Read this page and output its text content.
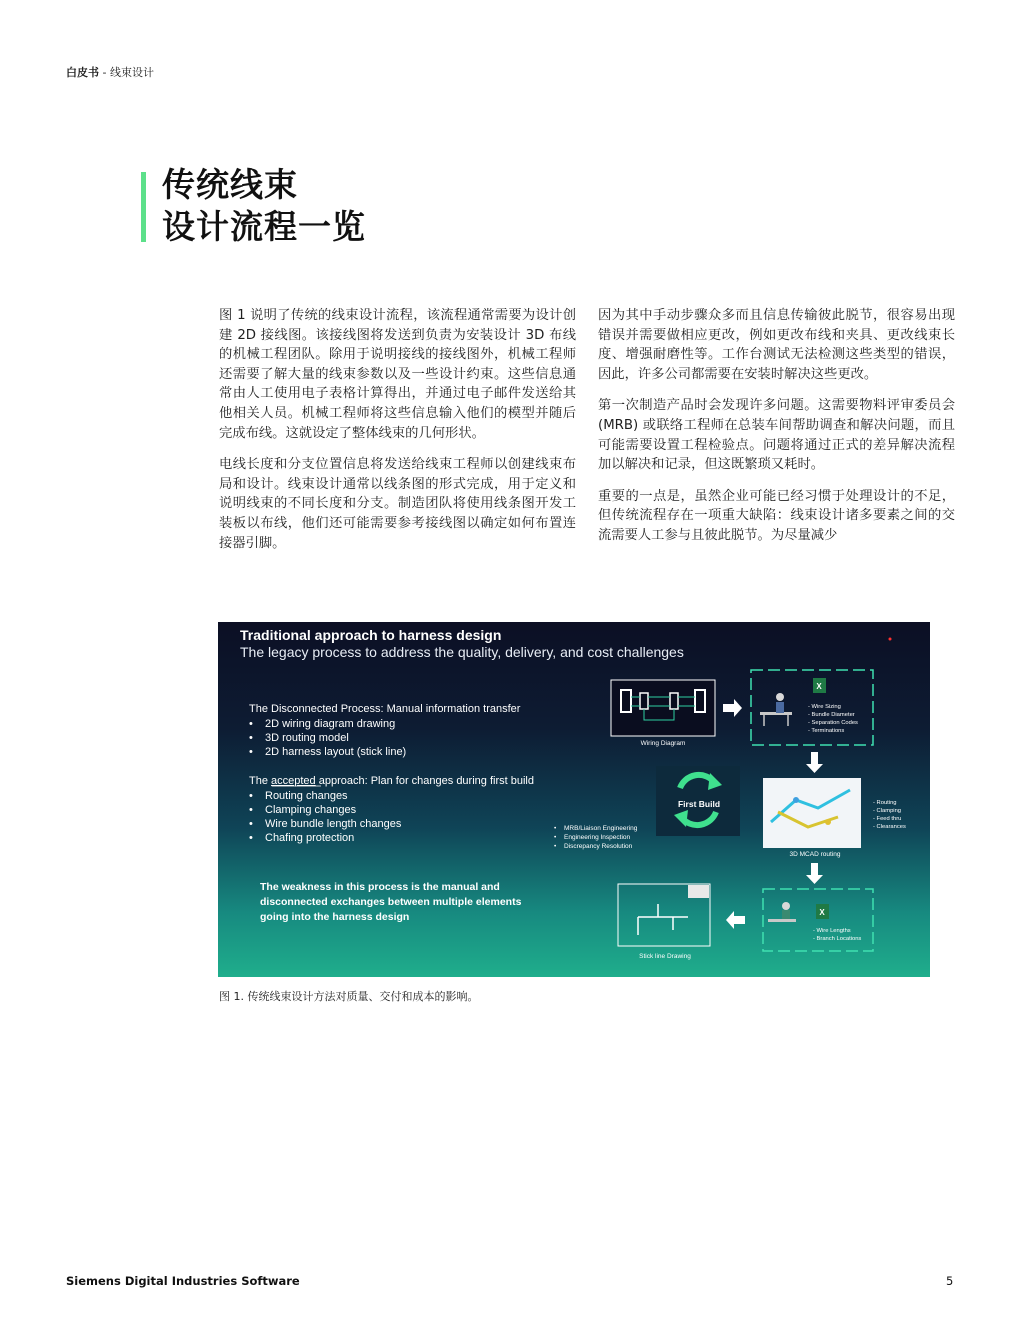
白皮书 - 线束设计
传统线束
设计流程一览

图 1 说明了传统的线束设计流程，该流程通常需要为设计创建 2D 接线图。该接线图将发送到负责为安装设计 3D 布线的机械工程团队。除用于说明接线的接线图外，机械工程师还需要了解大量的线束参数以及一些设计约束。这些信息通常由人工使用电子表格计算得出，并通过电子邮件发送给其他相关人员。机械工程师将这些信息输入他们的模型并随后完成布线。这就设定了整体线束的几何形状。

电线长度和分支位置信息将发送给线束工程师以创建线束布局和设计。线束设计通常以线条图的形式完成，用于定义和说明线束的不同长度和分支。制造团队将使用线条图开发工装板以布线，他们还可能需要参考接线图以确定如何布置连接器引脚。

因为其中手动步骤众多而且信息传输彼此脱节，很容易出现错误并需要做相应更改，例如更改布线和夹具、更改线束长度、增强耐磨性等。工作台测试无法检测这些类型的错误，因此，许多公司都需要在安装时解决这些更改。

第一次制造产品时会发现许多问题。这需要物料评审委员会 (MRB) 或联络工程师在总装车间帮助调查和解决问题，而且可能需要设置工程检验点。问题将通过正式的差异解决流程加以解决和记录，但这既繁琐又耗时。

重要的一点是，虽然企业可能已经习惯于处理设计的不足，但传统流程存在一项重大缺陷：线束设计诸多要素之间的交流需要人工参与且彼此脱节。为尽量减少

Traditional approach to harness design
The legacy process to address the quality, delivery, and cost challenges
The Disconnected Process: Manual information transfer
• 2D wiring diagram drawing
• 3D routing model
• 2D harness layout (stick line)
The accepted approach: Plan for changes during first build
• Routing changes
• Clamping changes
• Wire bundle length changes
• Chafing protection
• MRB/Liaison Engineering
• Engineering Inspection
• Discrepancy Resolution
First Build
The weakness in this process is the manual and
disconnected exchanges between multiple elements
going into the harness design
Wiring Diagram
X
- Wire Sizing
- Bundle Diameter
- Separation Codes
- Terminations
3D MCAD routing
- Routing
- Clamping
- Feed thru
- Clearances
X
- Wire Lengths
- Branch Locations
Stick line Drawing
图 1. 传统线束设计方法对质量、交付和成本的影响。
Siemens Digital Industries Software	5
